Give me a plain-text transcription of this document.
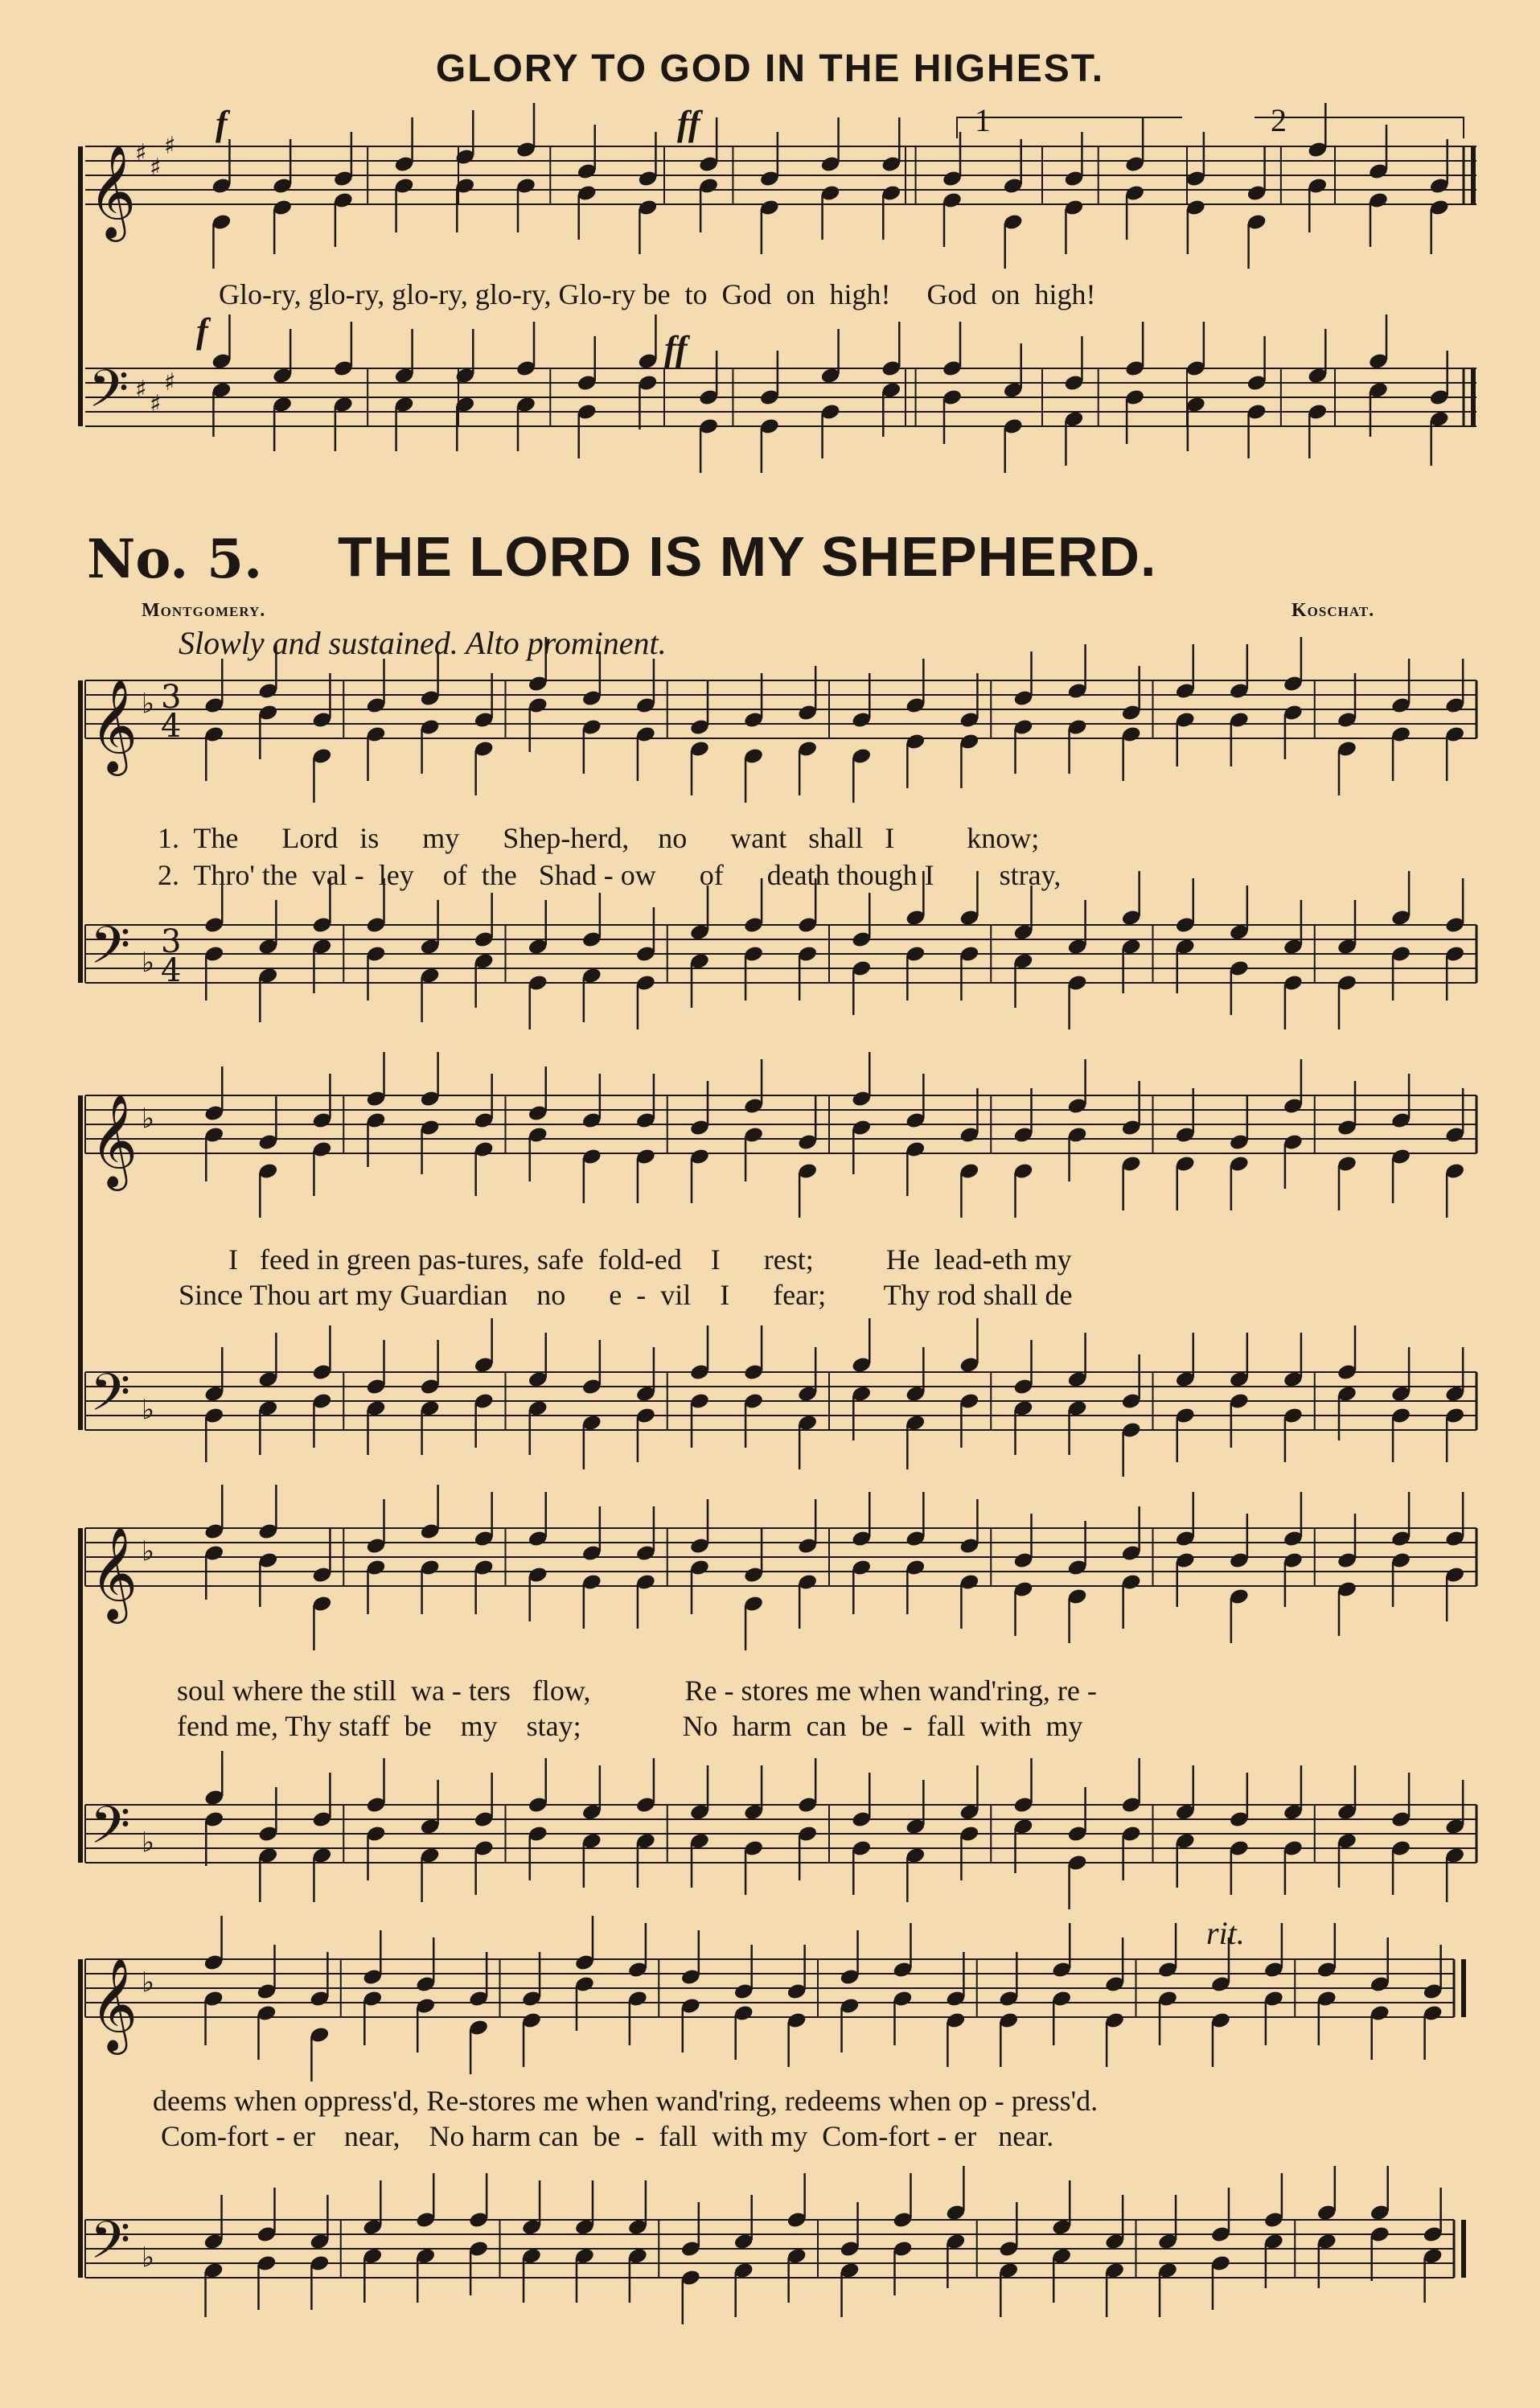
GLORY TO GOD IN THE HIGHEST.
𝄞
𝄢
♯
♯
♯
♯
♯
♯
𝄞
𝄢
♭
♭
3
4
3
4
𝄞
𝄢
♭
♭
𝄞
𝄢
♭
♭
𝄞
𝄢
♭
♭
f	ff
f	ff
1	2
Glo-ry, glo-ry, glo-ry, glo-ry, Glo-ry be  to  God  on  high!     God  on  high!
No. 5. THE LORD IS MY SHEPHERD.
Montgomery.	Koschat.
Slowly and sustained. Alto prominent.
1.  The      Lord   is      my      Shep-herd,    no      want   shall   I          know;
2.  Thro' the  val -  ley    of  the   Shad - ow      of      death though I         stray,
I   feed in green pas-tures, safe  fold-ed    I      rest;          He  lead-eth my
Since Thou art my Guardian    no      e  -  vil    I      fear;        Thy rod shall de
soul where the still  wa - ters   flow,             Re - stores me when wand'ring, re -
fend me, Thy staff  be    my    stay;              No  harm  can  be  -  fall  with  my
rit.
deems when oppress'd, Re-stores me when wand'ring, redeems when op - press'd.
Com-fort - er    near,    No harm can  be  -  fall  with my  Com-fort - er   near.
